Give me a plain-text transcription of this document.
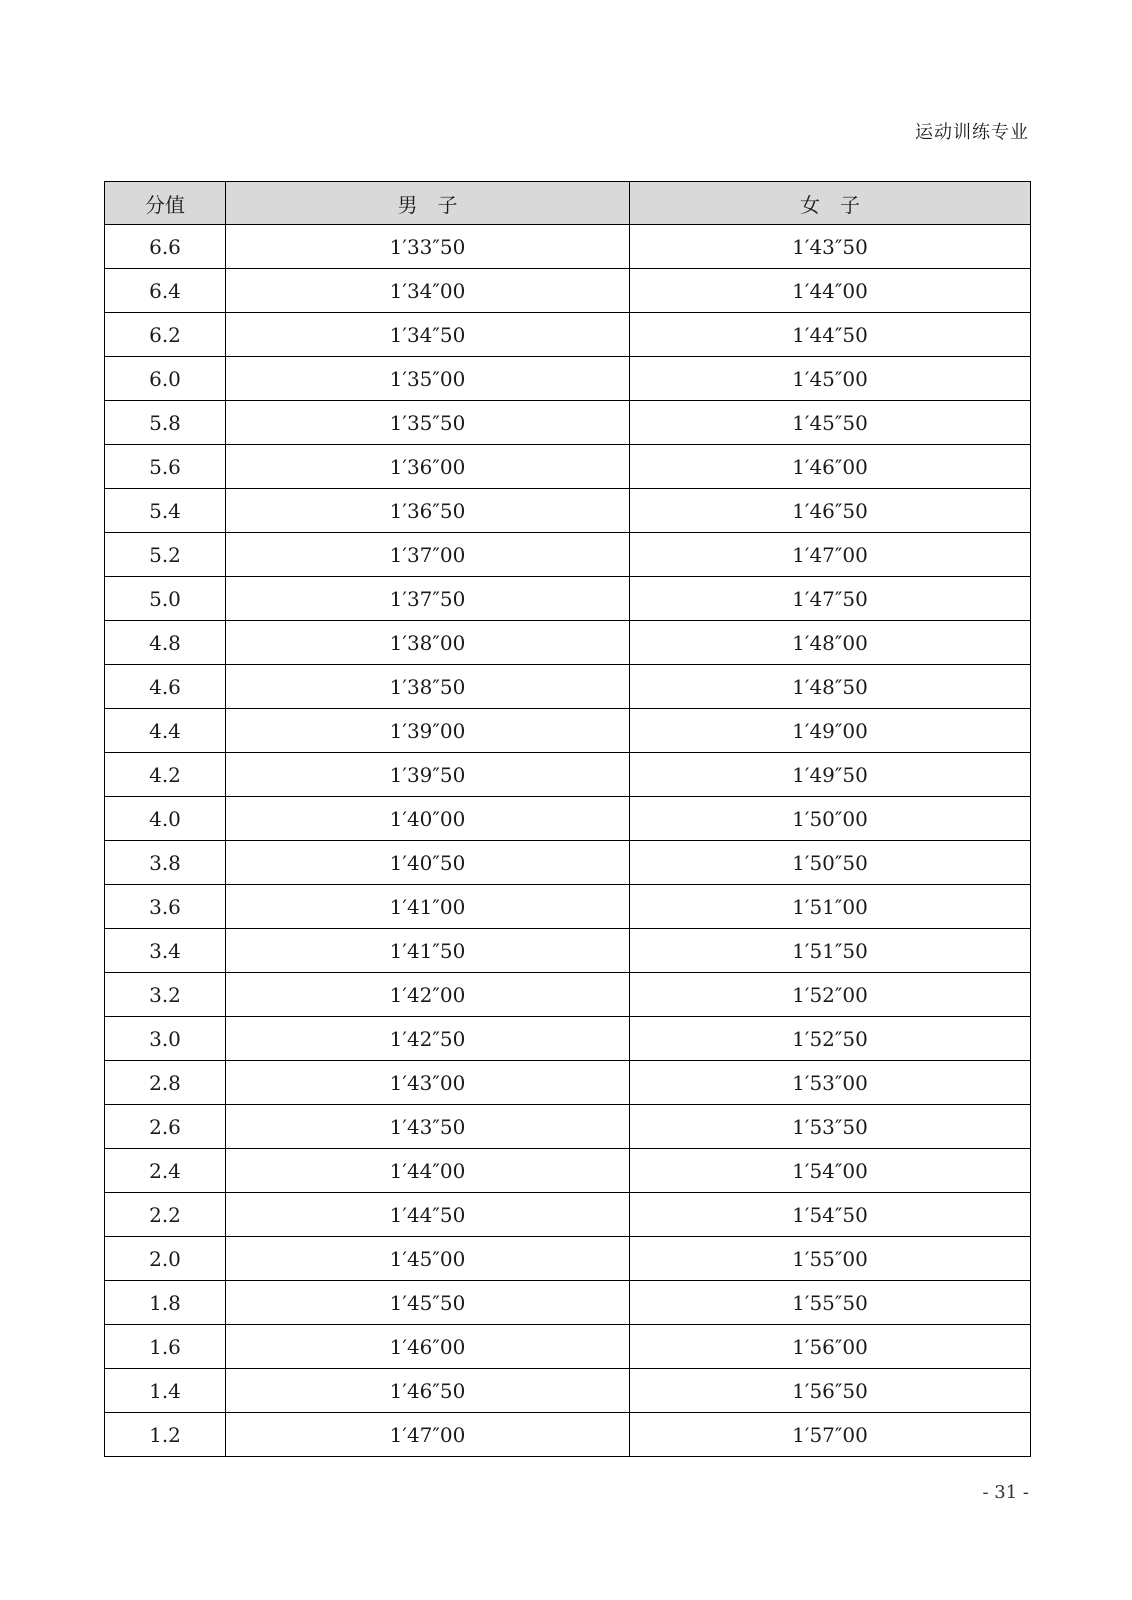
运动训练专业
分值	男　子	女　子
6.6	1′33″50	1′43″50
6.4	1′34″00	1′44″00
6.2	1′34″50	1′44″50
6.0	1′35″00	1′45″00
5.8	1′35″50	1′45″50
5.6	1′36″00	1′46″00
5.4	1′36″50	1′46″50
5.2	1′37″00	1′47″00
5.0	1′37″50	1′47″50
4.8	1′38″00	1′48″00
4.6	1′38″50	1′48″50
4.4	1′39″00	1′49″00
4.2	1′39″50	1′49″50
4.0	1′40″00	1′50″00
3.8	1′40″50	1′50″50
3.6	1′41″00	1′51″00
3.4	1′41″50	1′51″50
3.2	1′42″00	1′52″00
3.0	1′42″50	1′52″50
2.8	1′43″00	1′53″00
2.6	1′43″50	1′53″50
2.4	1′44″00	1′54″00
2.2	1′44″50	1′54″50
2.0	1′45″00	1′55″00
1.8	1′45″50	1′55″50
1.6	1′46″00	1′56″00
1.4	1′46″50	1′56″50
1.2	1′47″00	1′57″00
- 31 -
